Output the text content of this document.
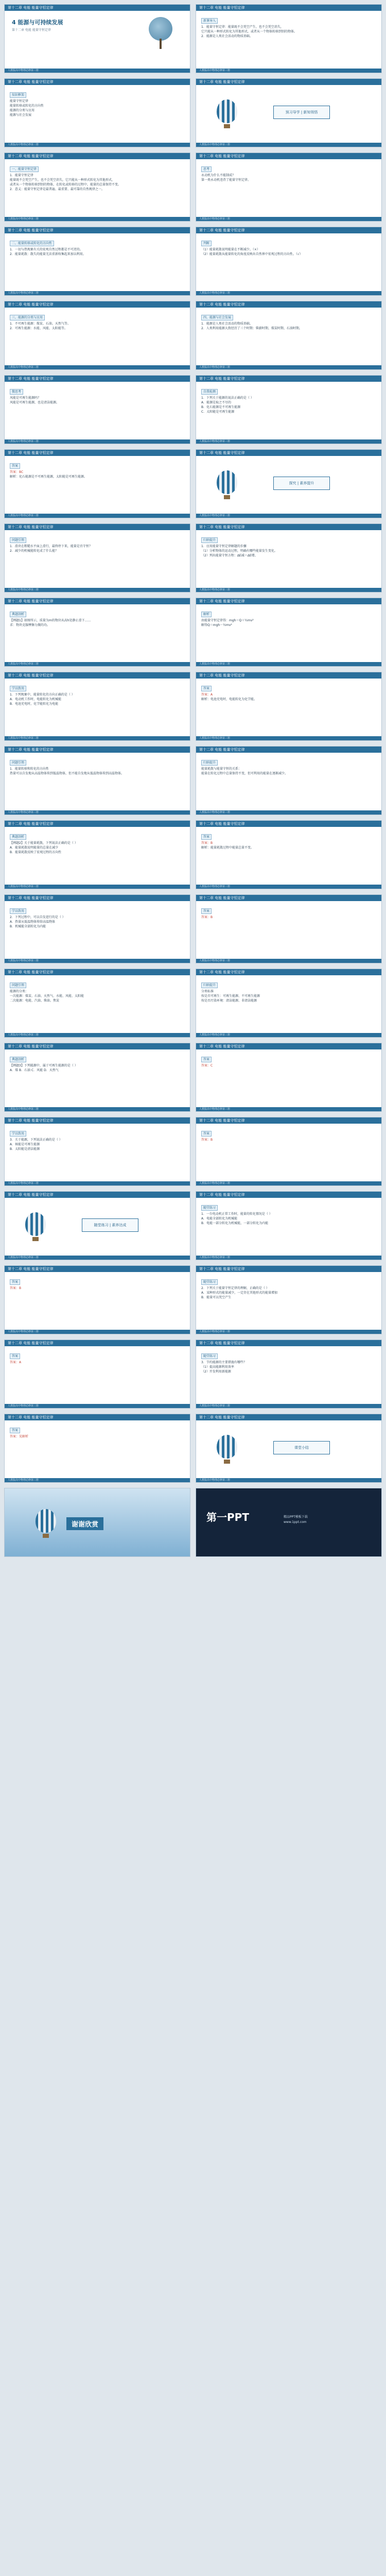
第十二章 电能 能量守恒定律
人教版高中物理必修第三册
4 能源与可持续发展
第十二章 电能 能量守恒定律
第十二章 电能 能量守恒定律
人教版高中物理必修第三册
新课导入
1．能量守恒定律：能量既不会凭空产生，也不会凭空消失，
它只能从一种形式转化为其他形式，或者从一个物体转移到别的物体。
2．能源是人类社会活动的物质基础。
第十二章 电能 能量守恒定律
人教版高中物理必修第三册
知识框架
能量守恒定律
能量转移或转化的方向性
能源的分类与应用
能源与社会发展
第十二章 电能 能量守恒定律
人教版高中物理必修第三册
预习导学 | 新知领悟
第十二章 电能 能量守恒定律
人教版高中物理必修第三册
一、能量守恒定律
1．能量守恒定律
能量既不会凭空产生，也不会凭空消失，它只能从一种形式转化为其他形式，
或者从一个物体转移到别的物体，在转化或转移的过程中，能量的总量保持不变。
2．意义：能量守恒定律是最普遍、最重要、最可靠的自然规律之一。
第十二章 电能 能量守恒定律
人教版高中物理必修第三册
思考
永动机为什么不能制成？
第一类永动机违背了能量守恒定律。
第十二章 电能 能量守恒定律
人教版高中物理必修第三册
二、能量转移或转化的方向性
1．一切与热现象有关的宏观自然过程都是不可逆的。
2．能量耗散：散失的能量无法重新收集起来加以利用。
第十二章 电能 能量守恒定律
人教版高中物理必修第三册
判断
（1）能量耗散说明能量在不断减少。（×）
（2）能量耗散从能量转化的角度反映出自然界中宏观过程的方向性。（√）
第十二章 电能 能量守恒定律
人教版高中物理必修第三册
三、能源的分类与应用
1．不可再生能源：煤炭、石油、天然气等。
2．可再生能源：水能、风能、太阳能等。
第十二章 电能 能量守恒定律
人教版高中物理必修第三册
四、能源与社会发展
1．能源是人类社会活动的物质基础。
2．人类利用能源大致经历了三个时期：柴薪时期、煤炭时期、石油时期。
第十二章 电能 能量守恒定律
人教版高中物理必修第三册
微思考
风能是可再生能源吗？
风能是可再生能源，也是清洁能源。
第十二章 电能 能量守恒定律
人教版高中物理必修第三册
自我检测
1．下列关于能源的说法正确的是（ ）
A．能源是取之不尽的
B．化石能源是不可再生能源
C．太阳能是可再生能源
第十二章 电能 能量守恒定律
人教版高中物理必修第三册
答案
答案：BC
解析：化石能源是不可再生能源，太阳能是可再生能源。
第十二章 电能 能量守恒定律
人教版高中物理必修第三册
探究 | 素养提升
第十二章 电能 能量守恒定律
人教版高中物理必修第三册
问题引领
1．滑块在粗糙水平面上滑行，最终停下来，能量是否守恒？
2．减少的机械能转化成了什么能？
第十二章 电能 能量守恒定律
人教版高中物理必修第三册
归纳提升
1．应用能量守恒定律解题的步骤
（1）分析物体的运动过程，明确有哪些能量发生变化。
（2）列出能量守恒方程：ΔE减＝ΔE增。
第十二章 电能 能量守恒定律
人教版高中物理必修第三册
典题剖析
【例题1】如图所示，质量为m的物块从高h处静止滑下……
求：物块克服摩擦力做的功。
第十二章 电能 能量守恒定律
人教版高中物理必修第三册
解析
由能量守恒定律得：mgh＝Q＋½mv²
解得Q＝mgh－½mv²
第十二章 电能 能量守恒定律
人教版高中物理必修第三册
学以致用
1．下列现象中，能量转化的方向正确的是（ ）
A．电动机工作时，电能转化为机械能
B．电池充电时，化学能转化为电能
第十二章 电能 能量守恒定律
人教版高中物理必修第三册
答案
答案：A
解析：电池充电时，电能转化为化学能。
第十二章 电能 能量守恒定律
人教版高中物理必修第三册
问题引领
1．能量转移和转化的方向性
热量可以自发地从高温物体传到低温物体，但不能自发地从低温物体传到高温物体。
第十二章 电能 能量守恒定律
人教版高中物理必修第三册
归纳提升
能量耗散与能量守恒的关系：
能量在转化过程中总量保持不变，但可利用的能量在逐渐减少。
第十二章 电能 能量守恒定律
人教版高中物理必修第三册
典题剖析
【例题2】关于能量耗散，下列说法正确的是（ ）
A．能量耗散说明能量的总量在减少
B．能量耗散反映了宏观过程的方向性
第十二章 电能 能量守恒定律
人教版高中物理必修第三册
答案
答案：B
解析：能量耗散过程中能量总量不变。
第十二章 电能 能量守恒定律
人教版高中物理必修第三册
学以致用
2．下列过程中，可以自发进行的是（ ）
A．热量从低温物体传给高温物体
B．机械能全部转化为内能
第十二章 电能 能量守恒定律
人教版高中物理必修第三册
答案
答案：B
第十二章 电能 能量守恒定律
人教版高中物理必修第三册
问题引领
能源的分类：
一次能源：煤炭、石油、天然气、水能、风能、太阳能
二次能源：电能、汽油、柴油、焦炭
第十二章 电能 能量守恒定律
人教版高中物理必修第三册
归纳提升
分类标准
按是否可再生：可再生能源、不可再生能源
按是否污染环境：清洁能源、非清洁能源
第十二章 电能 能量守恒定律
人教版高中物理必修第三册
典题剖析
【例题3】下列能源中，属于可再生能源的是（ ）
A．煤 B．石油 C．风能 D．天然气
第十二章 电能 能量守恒定律
人教版高中物理必修第三册
答案
答案：C
第十二章 电能 能量守恒定律
人教版高中物理必修第三册
学以致用
3．关于能源，下列说法正确的是（ ）
A．核能是可再生能源
B．太阳能是清洁能源
第十二章 电能 能量守恒定律
人教版高中物理必修第三册
答案
答案：B
第十二章 电能 能量守恒定律
人教版高中物理必修第三册
随堂练习 | 素养达成
第十二章 电能 能量守恒定律
人教版高中物理必修第三册
随堂练习
1．一台电动机正常工作时，能量的转化情况是（ ）
A．电能全部转化为机械能
B．电能一部分转化为机械能，一部分转化为内能
第十二章 电能 能量守恒定律
人教版高中物理必修第三册
答案
答案：B
第十二章 电能 能量守恒定律
人教版高中物理必修第三册
随堂练习
2．下列关于能量守恒定律的理解，正确的是（ ）
A．某种形式的能量减少，一定存在其他形式的能量增加
B．能量可以凭空产生
第十二章 电能 能量守恒定律
人教版高中物理必修第三册
答案
答案：A
第十二章 电能 能量守恒定律
人教版高中物理必修第三册
随堂练习
3．节约能源的主要措施有哪些？
（1）提高能源利用效率
（2）开发利用新能源
第十二章 电能 能量守恒定律
人教版高中物理必修第三册
答案
答案：见解析
第十二章 电能 能量守恒定律
人教版高中物理必修第三册
课堂小结
谢谢欣赏
第一PPT	精品PPT模板下载
www.1ppt.com
